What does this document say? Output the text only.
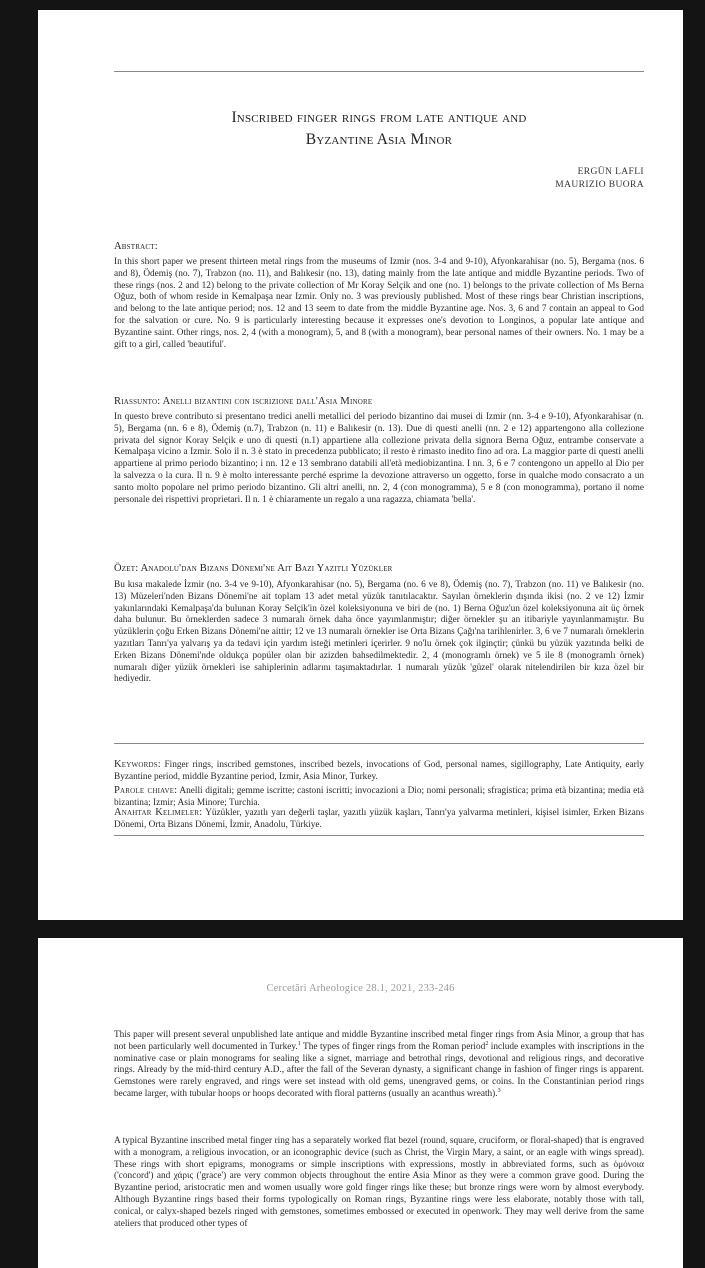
Inscribed finger rings from late antique and
Byzantine Asia Minor
ERGÜN LAFLI
MAURIZIO BUORA
Abstract:
In this short paper we present thirteen metal rings from the museums of Izmir (nos. 3-4 and 9-10), Afyonkarahisar (no. 5), Bergama (nos. 6 and 8), Ödemiş (no. 7), Trabzon (no. 11), and Balıkesir (no. 13), dating mainly from the late antique and middle Byzantine periods. Two of these rings (nos. 2 and 12) belong to the private collection of Mr Koray Selçik and one (no. 1) belongs to the private collection of Ms Berna Oğuz, both of whom reside in Kemalpaşa near Izmir. Only no. 3 was previously published. Most of these rings bear Christian inscriptions, and belong to the late antique period; nos. 12 and 13 seem to date from the middle Byzantine age. Nos. 3, 6 and 7 contain an appeal to God for the salvation or cure. No. 9 is particularly interesting because it expresses one's devotion to Longinos, a popular late antique and Byzantine saint. Other rings, nos. 2, 4 (with a monogram), 5, and 8 (with a monogram), bear personal names of their owners. No. 1 may be a gift to a girl, called 'beautiful'.
Riassunto: Anelli bizantini con iscrizione dall'Asia Minore
In questo breve contributo si presentano tredici anelli metallici del periodo bizantino dai musei di Izmir (nn. 3-4 e 9-10), Afyonkarahisar (n. 5), Bergama (nn. 6 e 8), Ödemiş (n.7), Trabzon (n. 11) e Balıkesir (n. 13). Due di questi anelli (nn. 2 e 12) appartengono alla collezione privata del signor Koray Selçik e uno di questi (n.1) appartiene alla collezione privata della signora Berna Oğuz, entrambe conservate a Kemalpaşa vicino a Izmir. Solo il n. 3 è stato in precedenza pubblicato; il resto è rimasto inedito fino ad ora. La maggior parte di questi anelli appartiene al primo periodo bizantino; i nn. 12 e 13 sembrano databili all'età mediobizantina. I nn. 3, 6 e 7 contengono un appello al Dio per la salvezza o la cura. Il n. 9 è molto interessante perché esprime la devozione attraverso un oggetto, forse in qualche modo consacrato a un santo molto popolare nel primo periodo bizantino. Gli altri anelli, nn. 2, 4 (con monogramma), 5 e 8 (con monogramma), portano il nome personale dei rispettivi proprietari. Il n. 1 è chiaramente un regalo a una ragazza, chiamata 'bella'.
Özet: Anadolu'dan Bizans Dönemi'ne Ait Bazı Yazıtlı Yüzükler
Bu kısa makalede İzmir (no. 3-4 ve 9-10), Afyonkarahisar (no. 5), Bergama (no. 6 ve 8), Ödemiş (no. 7), Trabzon (no. 11) ve Balıkesir (no. 13) Müzeleri'nden Bizans Dönemi'ne ait toplam 13 adet metal yüzük tanıtılacaktır. Sayılan örneklerin dışında ikisi (no. 2 ve 12) İzmir yakınlarındaki Kemalpaşa'da bulunan Koray Selçik'in özel koleksiyonuna ve biri de (no. 1) Berna Oğuz'un özel koleksiyonuna ait üç örnek daha bulunur. Bu örneklerden sadece 3 numaralı örnek daha önce yayımlanmıştır; diğer örnekler şu an itibariyle yayınlanmamıştır. Bu yüzüklerin çoğu Erken Bizans Dönemi'ne aittir; 12 ve 13 numaralı örnekler ise Orta Bizans Çağı'na tarihlenirler. 3, 6 ve 7 numaralı örneklerin yazıtları Tanrı'ya yalvarış ya da tedavi için yardım isteği metinleri içerirler. 9 no'lu örnek çok ilginçtir; çünkü bu yüzük yazıtında belki de Erken Bizans Dönemi'nde oldukça popüler olan bir azizden bahsedilmektedir. 2, 4 (monogramlı örnek) ve 5 ile 8 (monogramlı örnek) numaralı diğer yüzük örnekleri ise sahiplerinin adlarını taşımaktadırlar. 1 numaralı yüzük 'güzel' olarak nitelendirilen bir kıza özel bir hediyedir.
Keywords: Finger rings, inscribed gemstones, inscribed bezels, invocations of God, personal names, sigillography, Late Antiquity, early Byzantine period, middle Byzantine period, Izmir, Asia Minor, Turkey.
Parole chiave: Anelli digitali; gemme iscritte; castoni iscritti; invocazioni a Dio; nomi personali; sfragistica; prima età bizantina; media età bizantina; Izmir; Asia Minore; Turchia.
Anahtar Kelimeler: Yüzükler, yazıtlı yarı değerli taşlar, yazıtlı yüzük kaşları, Tanrı'ya yalvarma metinleri, kişisel isimler, Erken Bizans Dönemi, Orta Bizans Dönemi, İzmir, Anadolu, Türkiye.
Cercetări Arheologice 28.1, 2021, 233-246
This paper will present several unpublished late antique and middle Byzantine inscribed metal finger rings from Asia Minor, a group that has not been particularly well documented in Turkey.$^1$ The types of finger rings from the Roman period$^2$ include examples with inscriptions in the nominative case or plain monograms for sealing like a signet, marriage and betrothal rings, devotional and religious rings, and decorative rings. Already by the mid-third century A.D., after the fall of the Severan dynasty, a significant change in fashion of finger rings is apparent. Gemstones were rarely engraved, and rings were set instead with old gems, unengraved gems, or coins. In the Constantinian period rings became larger, with tubular hoops or hoops decorated with floral patterns (usually an acanthus wreath).$^3$
A typical Byzantine inscribed metal finger ring has a separately worked flat bezel (round, square, cruciform, or floral-shaped) that is engraved with a monogram, a religious invocation, or an iconographic device (such as Christ, the Virgin Mary, a saint, or an eagle with wings spread). These rings with short epigrams, monograms or simple inscriptions with expressions, mostly in abbreviated forms, such as ὁμόνοια ('concord') and χάρις ('grace') are very common objects throughout the entire Asia Minor as they were a common grave good. During the Byzantine period, aristocratic men and women usually wore gold finger rings like these; but bronze rings were worn by almost everybody. Although Byzantine rings based their forms typologically on Roman rings, Byzantine rings were less elaborate, notably those with tall, conical, or calyx-shaped bezels ringed with gemstones, sometimes embossed or executed in openwork. They may well derive from the same ateliers that produced other types of
